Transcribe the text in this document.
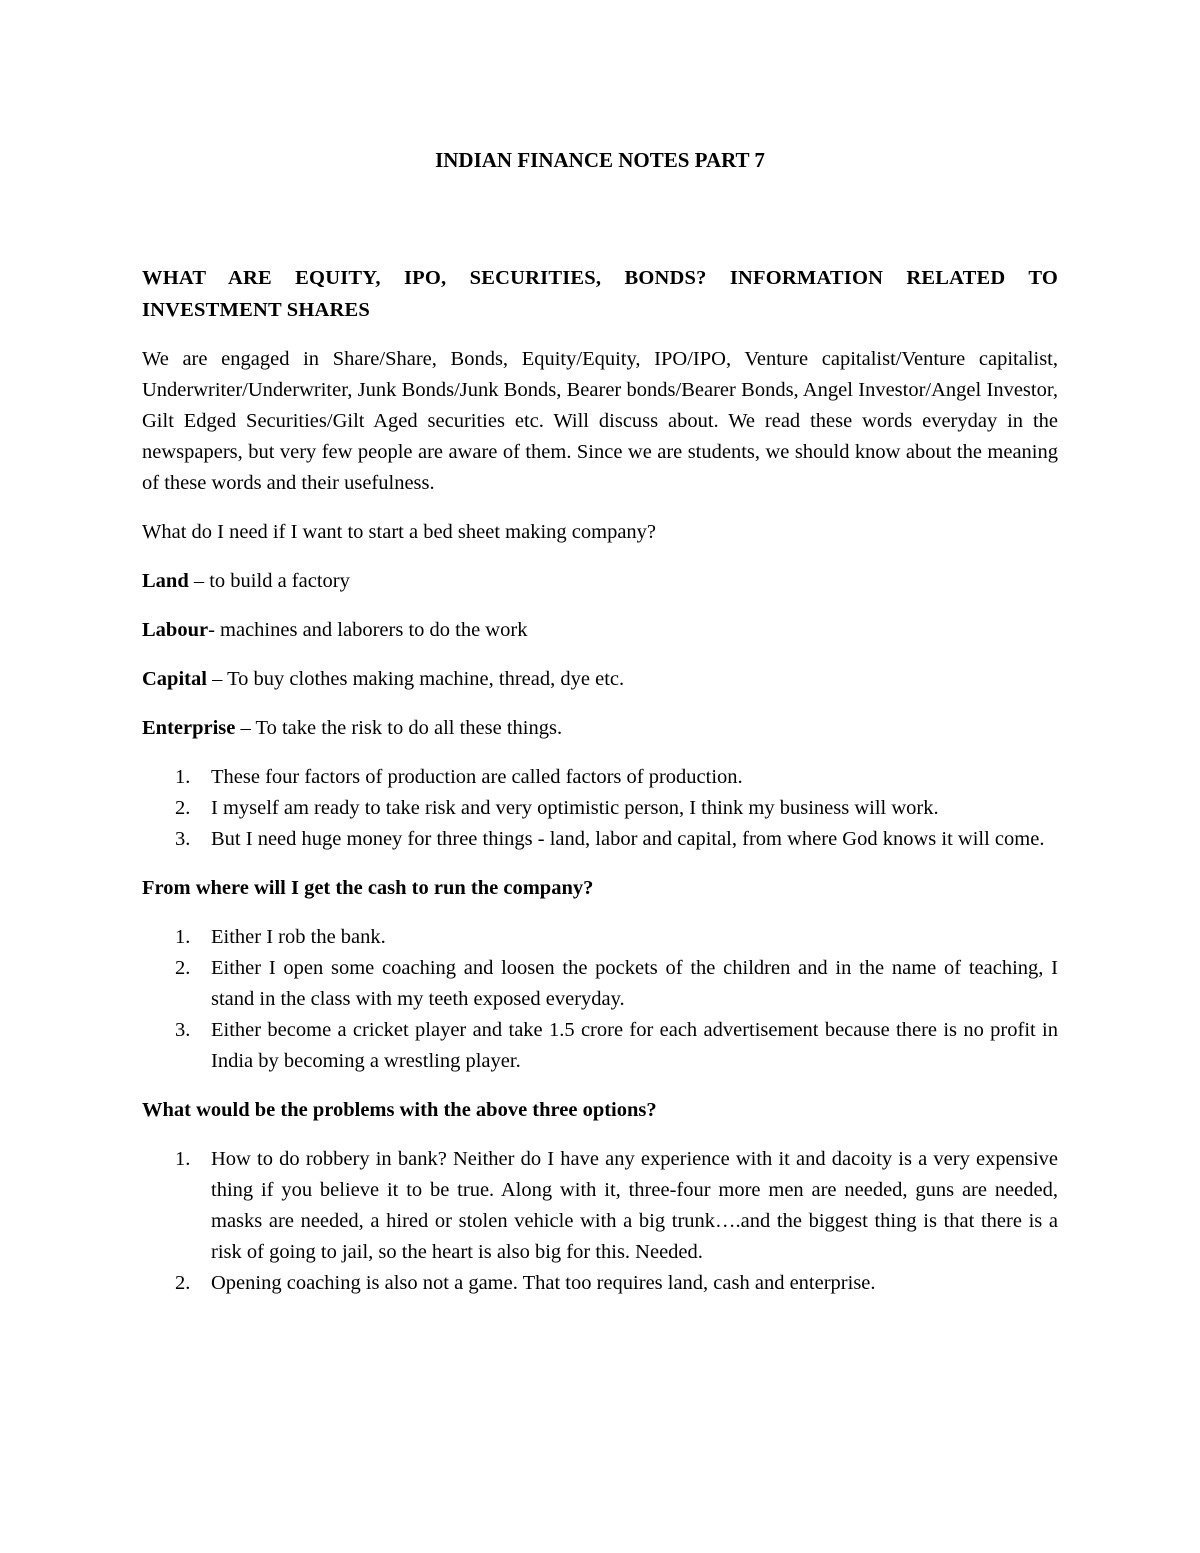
INDIAN FINANCE NOTES PART 7
WHAT ARE EQUITY, IPO, SECURITIES, BONDS? INFORMATION RELATED TO INVESTMENT SHARES

We are engaged in Share/Share, Bonds, Equity/Equity, IPO/IPO, Venture capitalist/Venture capitalist, Underwriter/Underwriter, Junk Bonds/Junk Bonds, Bearer bonds/Bearer Bonds, Angel Investor/Angel Investor, Gilt Edged Securities/Gilt Aged securities etc. Will discuss about. We read these words everyday in the newspapers, but very few people are aware of them. Since we are students, we should know about the meaning of these words and their usefulness.

What do I need if I want to start a bed sheet making company?

Land – to build a factory

Labour- machines and laborers to do the work

Capital – To buy clothes making machine, thread, dye etc.

Enterprise – To take the risk to do all these things.

1. These four factors of production are called factors of production.
2. I myself am ready to take risk and very optimistic person, I think my business will work.
3. But I need huge money for three things - land, labor and capital, from where God knows it will come.

From where will I get the cash to run the company?

1. Either I rob the bank.
2. Either I open some coaching and loosen the pockets of the children and in the name of teaching, I stand in the class with my teeth exposed everyday.
3. Either become a cricket player and take 1.5 crore for each advertisement because there is no profit in India by becoming a wrestling player.

What would be the problems with the above three options?

1. How to do robbery in bank? Neither do I have any experience with it and dacoity is a very expensive thing if you believe it to be true. Along with it, three-four more men are needed, guns are needed, masks are needed, a hired or stolen vehicle with a big trunk….and the biggest thing is that there is a risk of going to jail, so the heart is also big for this. Needed.
2. Opening coaching is also not a game. That too requires land, cash and enterprise.
